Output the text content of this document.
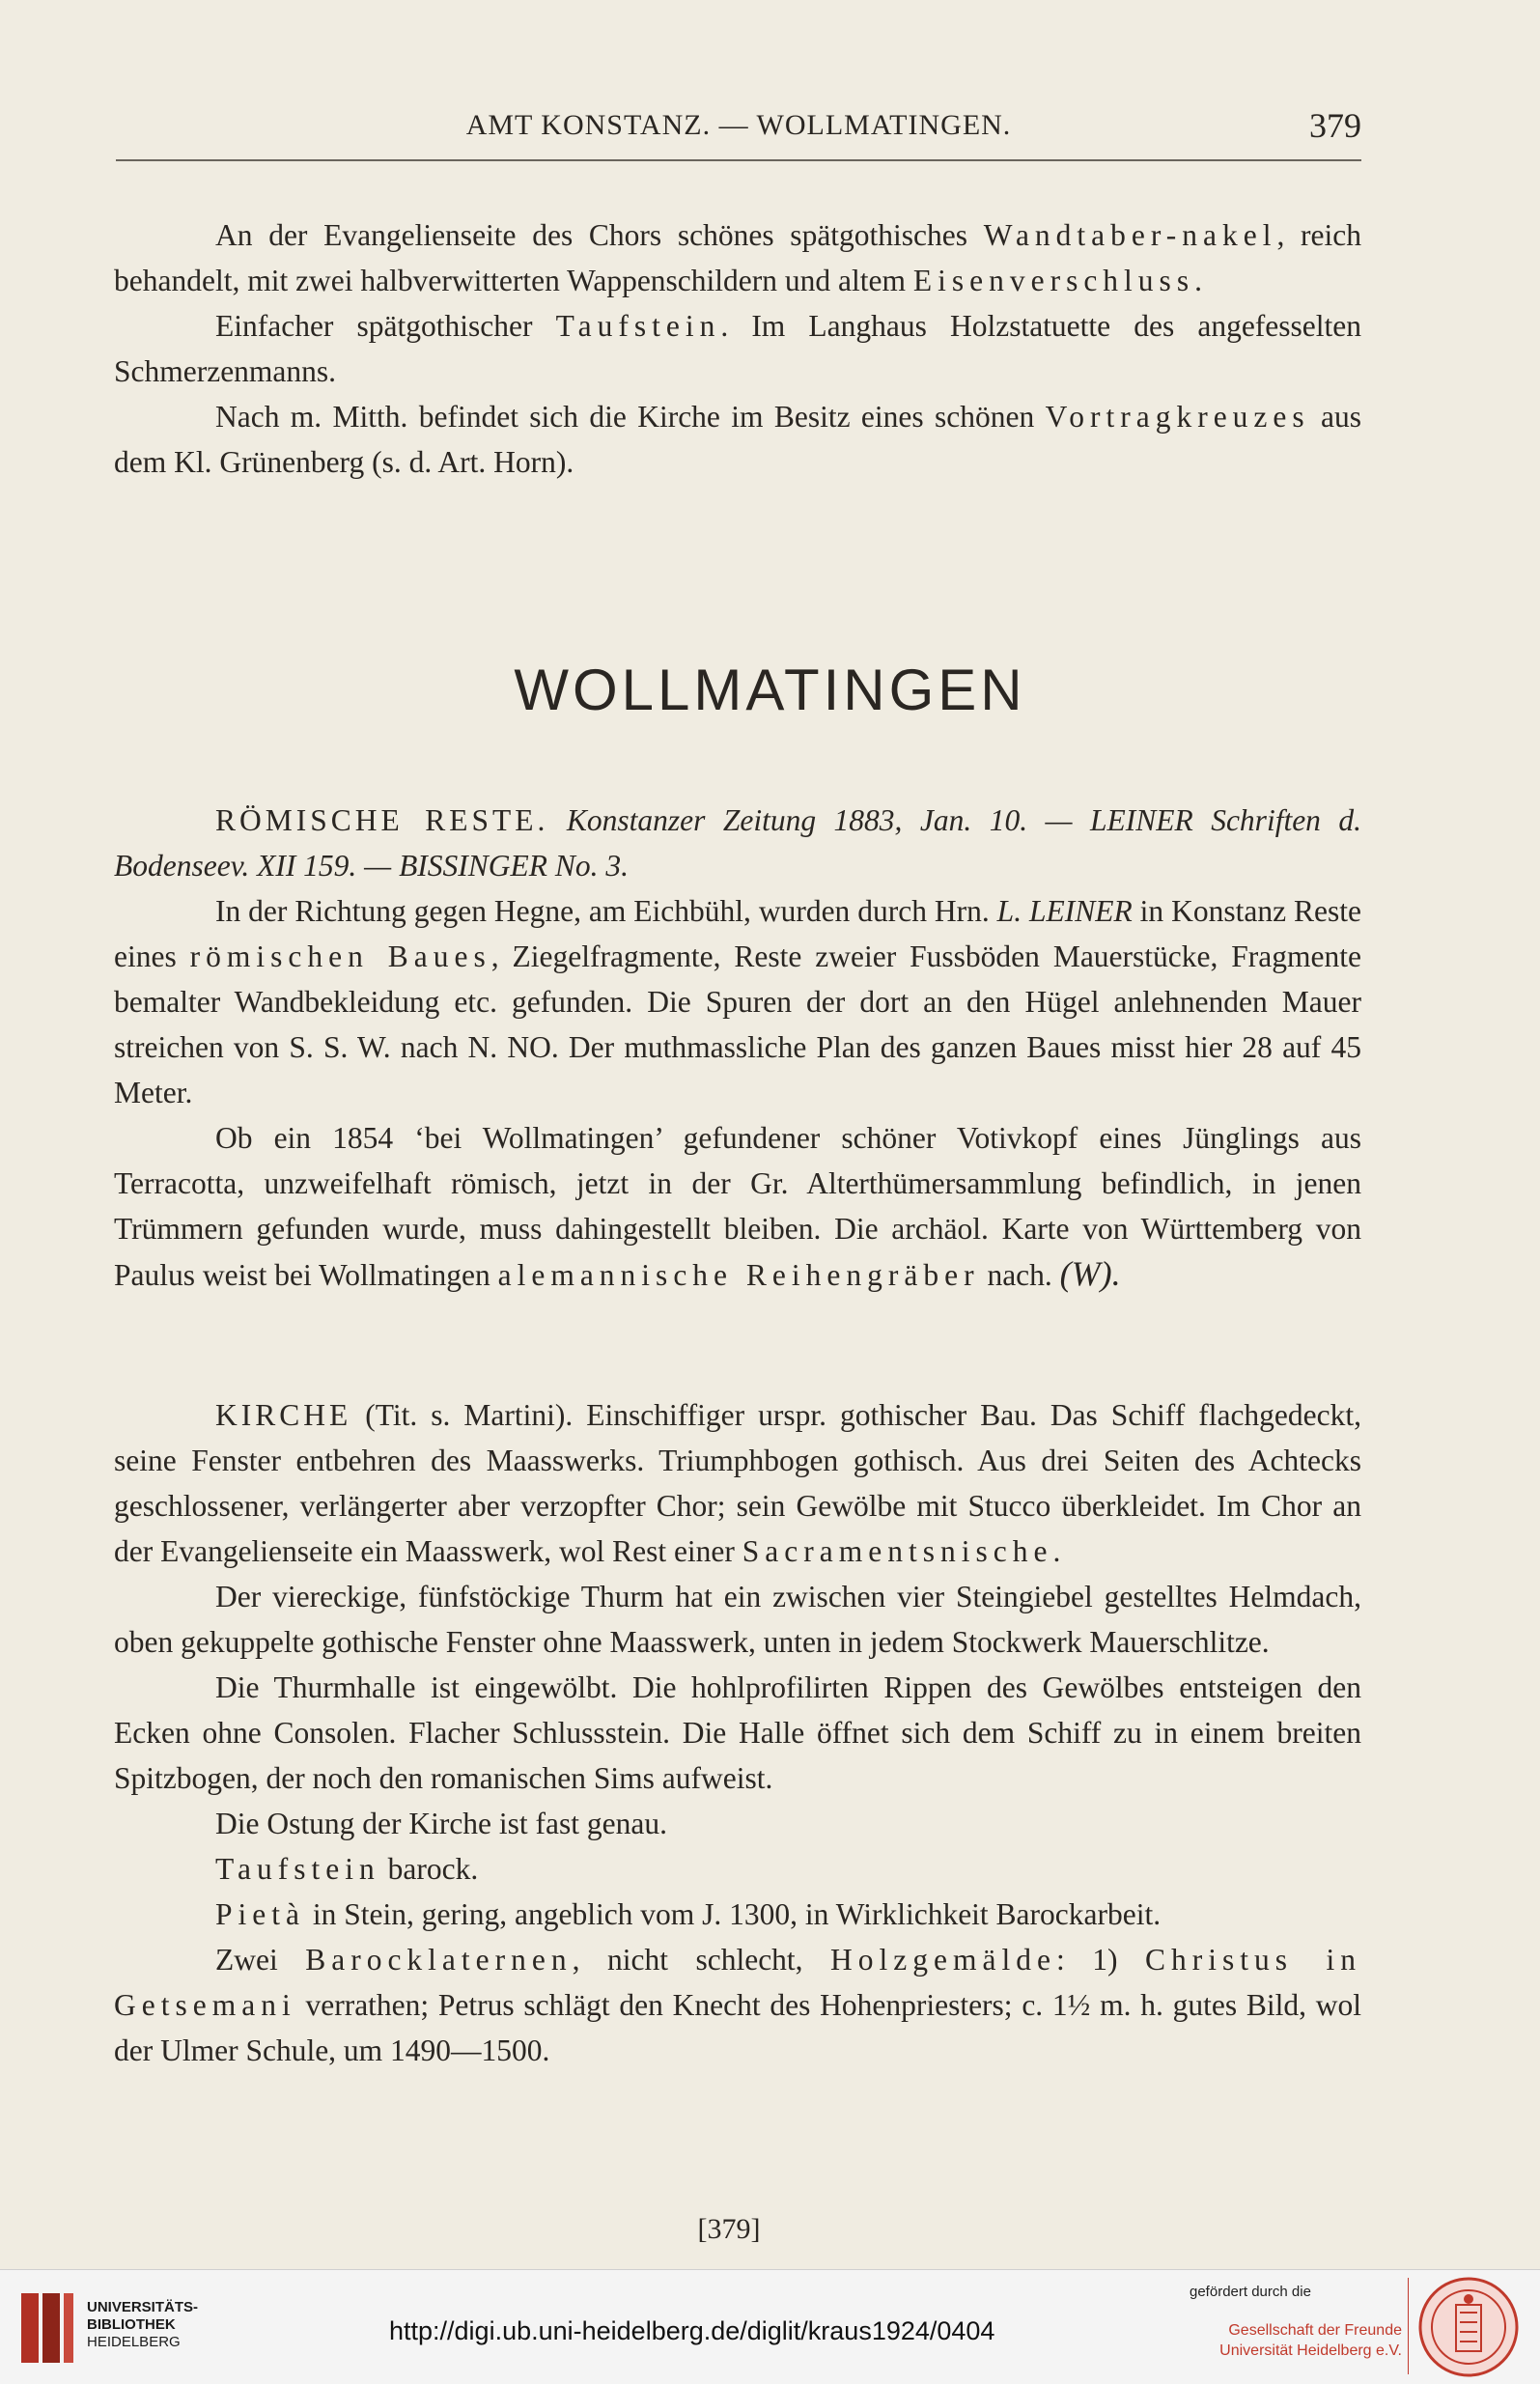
AMT KONSTANZ. — WOLLMATINGEN.	379

An der Evangelienseite des Chors schönes spätgothisches Wandtaber-nakel, reich behandelt, mit zwei halbverwitterten Wappenschildern und altem Eisenverschluss.

Einfacher spätgothischer Taufstein. Im Langhaus Holzstatuette des angefesselten Schmerzenmanns.

Nach m. Mitth. befindet sich die Kirche im Besitz eines schönen Vortragkreuzes aus dem Kl. Grünenberg (s. d. Art. Horn).

WOLLMATINGEN

RÖMISCHE RESTE. Konstanzer Zeitung 1883, Jan. 10. — LEINER Schriften d. Bodenseev. XII 159. — BISSINGER No. 3.

In der Richtung gegen Hegne, am Eichbühl, wurden durch Hrn. L. LEINER in Konstanz Reste eines römischen Baues, Ziegelfragmente, Reste zweier Fussböden Mauerstücke, Fragmente bemalter Wandbekleidung etc. gefunden. Die Spuren der dort an den Hügel anlehnenden Mauer streichen von S. S. W. nach N. NO. Der muthmassliche Plan des ganzen Baues misst hier 28 auf 45 Meter.

Ob ein 1854 ‘bei Wollmatingen’ gefundener schöner Votivkopf eines Jünglings aus Terracotta, unzweifelhaft römisch, jetzt in der Gr. Alterthümersammlung befindlich, in jenen Trümmern gefunden wurde, muss dahingestellt bleiben. Die archäol. Karte von Württemberg von Paulus weist bei Wollmatingen alemannische Reihengräber nach. (W).

KIRCHE (Tit. s. Martini). Einschiffiger urspr. gothischer Bau. Das Schiff flachgedeckt, seine Fenster entbehren des Maasswerks. Triumphbogen gothisch. Aus drei Seiten des Achtecks geschlossener, verlängerter aber verzopfter Chor; sein Gewölbe mit Stucco überkleidet. Im Chor an der Evangelienseite ein Maasswerk, wol Rest einer Sacramentsnische.

Der viereckige, fünfstöckige Thurm hat ein zwischen vier Steingiebel gestelltes Helmdach, oben gekuppelte gothische Fenster ohne Maasswerk, unten in jedem Stockwerk Mauerschlitze.

Die Thurmhalle ist eingewölbt. Die hohlprofilirten Rippen des Gewölbes entsteigen den Ecken ohne Consolen. Flacher Schlussstein. Die Halle öffnet sich dem Schiff zu in einem breiten Spitzbogen, der noch den romanischen Sims aufweist.

Die Ostung der Kirche ist fast genau.

Taufstein barock.

Pietà in Stein, gering, angeblich vom J. 1300, in Wirklichkeit Barockarbeit.

Zwei Barocklaternen, nicht schlecht, Holzgemälde: 1) Christus in Getsemani verrathen; Petrus schlägt den Knecht des Hohenpriesters; c. 1½ m. h. gutes Bild, wol der Ulmer Schule, um 1490—1500.

[379]
UNIVERSITÄTS-
BIBLIOTHEK
HEIDELBERG	http://digi.ub.uni-heidelberg.de/diglit/kraus1924/0404
gefördert durch die
Gesellschaft der Freunde
Universität Heidelberg e.V.
